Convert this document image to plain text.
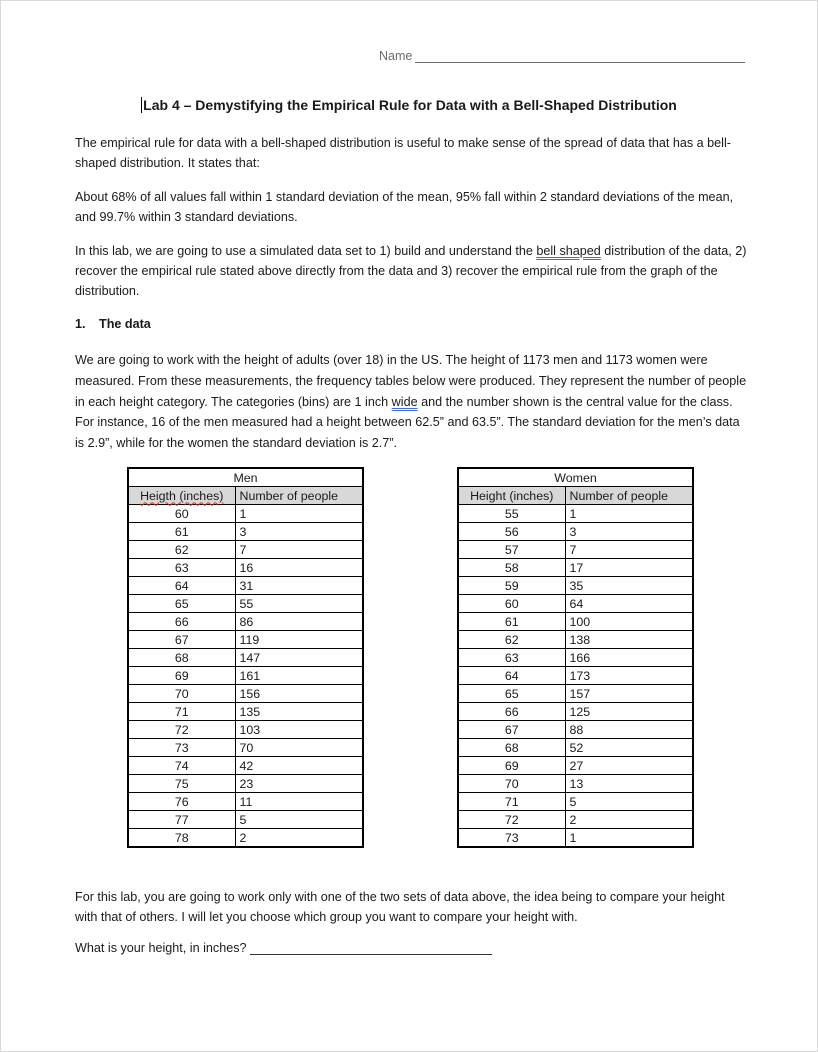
Name
Lab 4 – Demystifying the Empirical Rule for Data with a Bell-Shaped Distribution

The empirical rule for data with a bell-shaped distribution is useful to make sense of the spread of data that has a bell-shaped distribution. It states that:

About 68% of all values fall within 1 standard deviation of the mean, 95% fall within 2 standard deviations of the mean, and 99.7% within 3 standard deviations.

In this lab, we are going to use a simulated data set to 1) build and understand the bell shaped distribution of the data, 2) recover the empirical rule stated above directly from the data and 3) recover the empirical rule from the graph of the distribution.

1. The data

We are going to work with the height of adults (over 18) in the US. The height of 1173 men and 1173 women were measured. From these measurements, the frequency tables below were produced. They represent the number of people in each height category. The categories (bins) are 1 inch wide and the number shown is the central value for the class. For instance, 16 of the men measured had a height between 62.5” and 63.5”. The standard deviation for the men’s data is 2.9”, while for the women the standard deviation is 2.7”.

Men	
Heigth (inches)	Number of people
60	1
61	3
62	7
63	16
64	31
65	55
66	86
67	119
68	147
69	161
70	156
71	135
72	103
73	70
74	42
75	23
76	11
77	5
78	2
Women	
Height (inches)	Number of people
55	1
56	3
57	7
58	17
59	35
60	64
61	100
62	138
63	166
64	173
65	157
66	125
67	88
68	52
69	27
70	13
71	5
72	2
73	1

For this lab, you are going to work only with one of the two sets of data above, the idea being to compare your height with that of others. I will let you choose which group you want to compare your height with.

What is your height, in inches?
